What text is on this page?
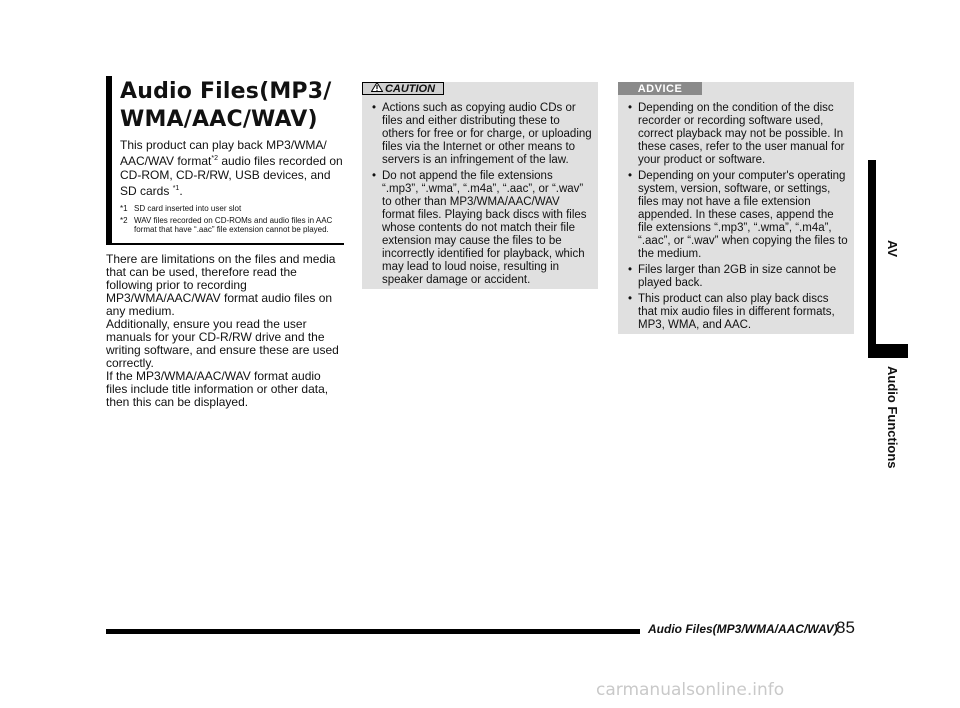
Audio Files(MP3/ WMA/AAC/WAV)

This product can play back MP3/WMA/ AAC/WAV format$^{*2}$ audio files recorded on CD-ROM, CD-R/RW, USB devices, and SD cards $^{*1}$.

*1 SD card inserted into user slot
*2 WAV files recorded on CD-ROMs and audio files in AAC format that have “.aac” file extension cannot be played.

There are limitations on the files and media that can be used, therefore read the following prior to recording MP3/WMA/AAC/WAV format audio files on any medium.

Additionally, ensure you read the user manuals for your CD-R/RW drive and the writing software, and ensure these are used correctly.

If the MP3/WMA/AAC/WAV format audio files include title information or other data, then this can be displayed.

CAUTION
• Actions such as copying audio CDs or files and either distributing these to others for free or for charge, or uploading files via the Internet or other means to servers is an infringement of the law.
• Do not append the file extensions “.mp3”, “.wma”, “.m4a”, “.aac”, or “.wav” to other than MP3/WMA/AAC/WAV format files. Playing back discs with files whose contents do not match their file extension may cause the files to be incorrectly identified for playback, which may lead to loud noise, resulting in speaker damage or accident.
ADVICE
• Depending on the condition of the disc recorder or recording software used, correct playback may not be possible. In these cases, refer to the user manual for your product or software.
• Depending on your computer's operating system, version, software, or settings, files may not have a file extension appended. In these cases, append the file extensions “.mp3”, “.wma”, “.m4a”, “.aac”, or “.wav” when copying the files to the medium.
• Files larger than 2GB in size cannot be played back.
• This product can also play back discs that mix audio files in different formats, MP3, WMA, and AAC.
AV
Audio Functions
Audio Files(MP3/WMA/AAC/WAV)
85
carmanualsonline.info
